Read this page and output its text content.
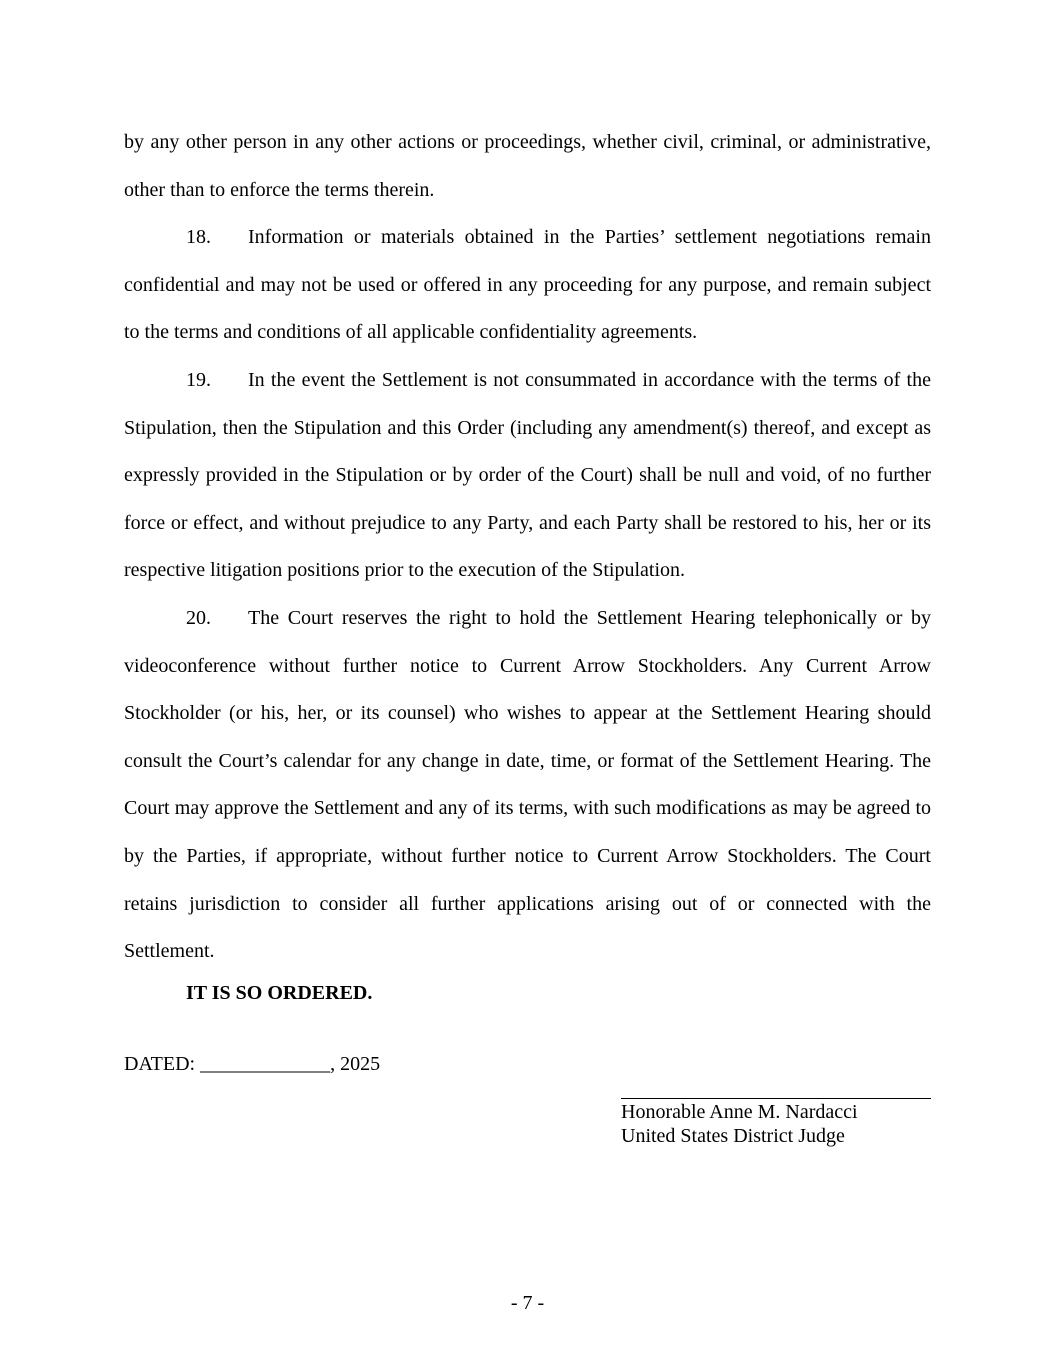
by any other person in any other actions or proceedings, whether civil, criminal, or administrative, other than to enforce the terms therein.

18. Information or materials obtained in the Parties’ settlement negotiations remain confidential and may not be used or offered in any proceeding for any purpose, and remain subject to the terms and conditions of all applicable confidentiality agreements.

19. In the event the Settlement is not consummated in accordance with the terms of the Stipulation, then the Stipulation and this Order (including any amendment(s) thereof, and except as expressly provided in the Stipulation or by order of the Court) shall be null and void, of no further force or effect, and without prejudice to any Party, and each Party shall be restored to his, her or its respective litigation positions prior to the execution of the Stipulation.

20. The Court reserves the right to hold the Settlement Hearing telephonically or by videoconference without further notice to Current Arrow Stockholders. Any Current Arrow Stockholder (or his, her, or its counsel) who wishes to appear at the Settlement Hearing should consult the Court’s calendar for any change in date, time, or format of the Settlement Hearing. The Court may approve the Settlement and any of its terms, with such modifications as may be agreed to by the Parties, if appropriate, without further notice to Current Arrow Stockholders. The Court retains jurisdiction to consider all further applications arising out of or connected with the Settlement.

IT IS SO ORDERED.
DATED: _____________, 2025
Honorable Anne M. Nardacci
United States District Judge
- 7 -
